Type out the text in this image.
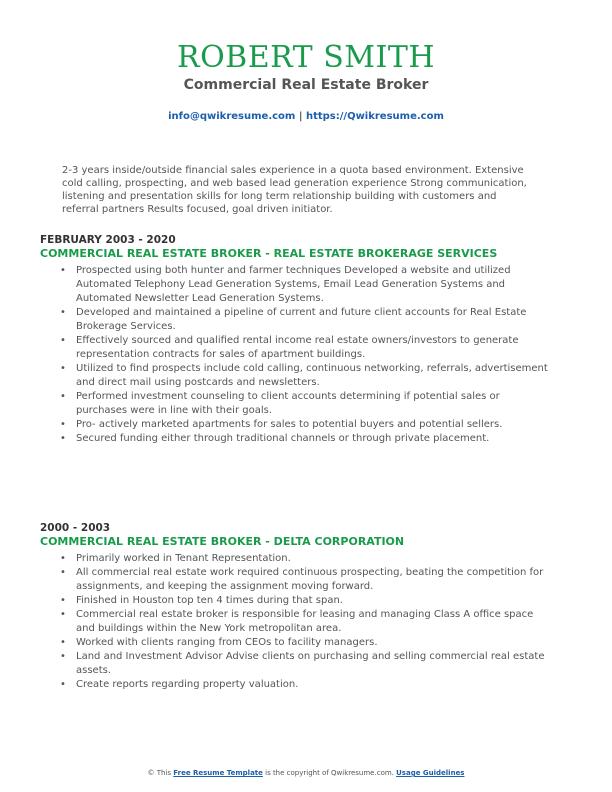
ROBERT SMITH
Commercial Real Estate Broker
info@qwikresume.com | https://Qwikresume.com
2-3 years inside/outside financial sales experience in a quota based environment. Extensive cold calling, prospecting, and web based lead generation experience Strong communication, listening and presentation skills for long term relationship building with customers and referral partners Results focused, goal driven initiator.
FEBRUARY 2003 - 2020
COMMERCIAL REAL ESTATE BROKER - REAL ESTATE BROKERAGE SERVICES
• Prospected using both hunter and farmer techniques Developed a website and utilized Automated Telephony Lead Generation Systems, Email Lead Generation Systems and Automated Newsletter Lead Generation Systems.
• Developed and maintained a pipeline of current and future client accounts for Real Estate Brokerage Services.
• Effectively sourced and qualified rental income real estate owners/investors to generate representation contracts for sales of apartment buildings.
• Utilized to find prospects include cold calling, continuous networking, referrals, advertisement and direct mail using postcards and newsletters.
• Performed investment counseling to client accounts determining if potential sales or purchases were in line with their goals.
• Pro- actively marketed apartments for sales to potential buyers and potential sellers.
• Secured funding either through traditional channels or through private placement.
2000 - 2003
COMMERCIAL REAL ESTATE BROKER - DELTA CORPORATION
• Primarily worked in Tenant Representation.
• All commercial real estate work required continuous prospecting, beating the competition for assignments, and keeping the assignment moving forward.
• Finished in Houston top ten 4 times during that span.
• Commercial real estate broker is responsible for leasing and managing Class A office space and buildings within the New York metropolitan area.
• Worked with clients ranging from CEOs to facility managers.
• Land and Investment Advisor Advise clients on purchasing and selling commercial real estate assets.
• Create reports regarding property valuation.
© This Free Resume Template is the copyright of Qwikresume.com. Usage Guidelines
